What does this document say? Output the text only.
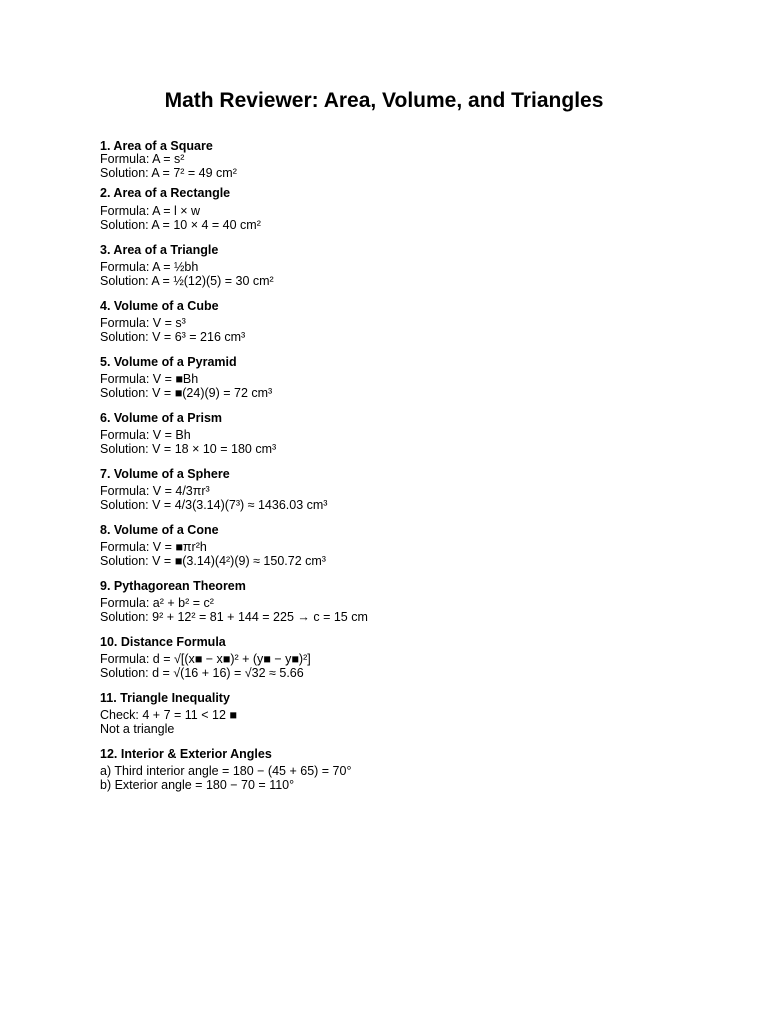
Math Reviewer: Area, Volume, and Triangles

1. Area of a Square

Formula: A = s²

Solution: A = 7² = 49 cm²

2. Area of a Rectangle

Formula: A = l × w

Solution: A = 10 × 4 = 40 cm²

3. Area of a Triangle

Formula: A = ½bh

Solution: A = ½(12)(5) = 30 cm²

4. Volume of a Cube

Formula: V = s³

Solution: V = 6³ = 216 cm³

5. Volume of a Pyramid

Formula: V = ■Bh

Solution: V = ■(24)(9) = 72 cm³

6. Volume of a Prism

Formula: V = Bh

Solution: V = 18 × 10 = 180 cm³

7. Volume of a Sphere

Formula: V = 4/3πr³

Solution: V = 4/3(3.14)(7³) ≈ 1436.03 cm³

8. Volume of a Cone

Formula: V = ■πr²h

Solution: V = ■(3.14)(4²)(9) ≈ 150.72 cm³

9. Pythagorean Theorem

Formula: a² + b² = c²

Solution: 9² + 12² = 81 + 144 = 225 → c = 15 cm

10. Distance Formula

Formula: d = √[(x■ − x■)² + (y■ − y■)²]

Solution: d = √(16 + 16) = √32 ≈ 5.66

11. Triangle Inequality

Check: 4 + 7 = 11 < 12 ■

Not a triangle

12. Interior & Exterior Angles

a) Third interior angle = 180 − (45 + 65) = 70°

b) Exterior angle = 180 − 70 = 110°
